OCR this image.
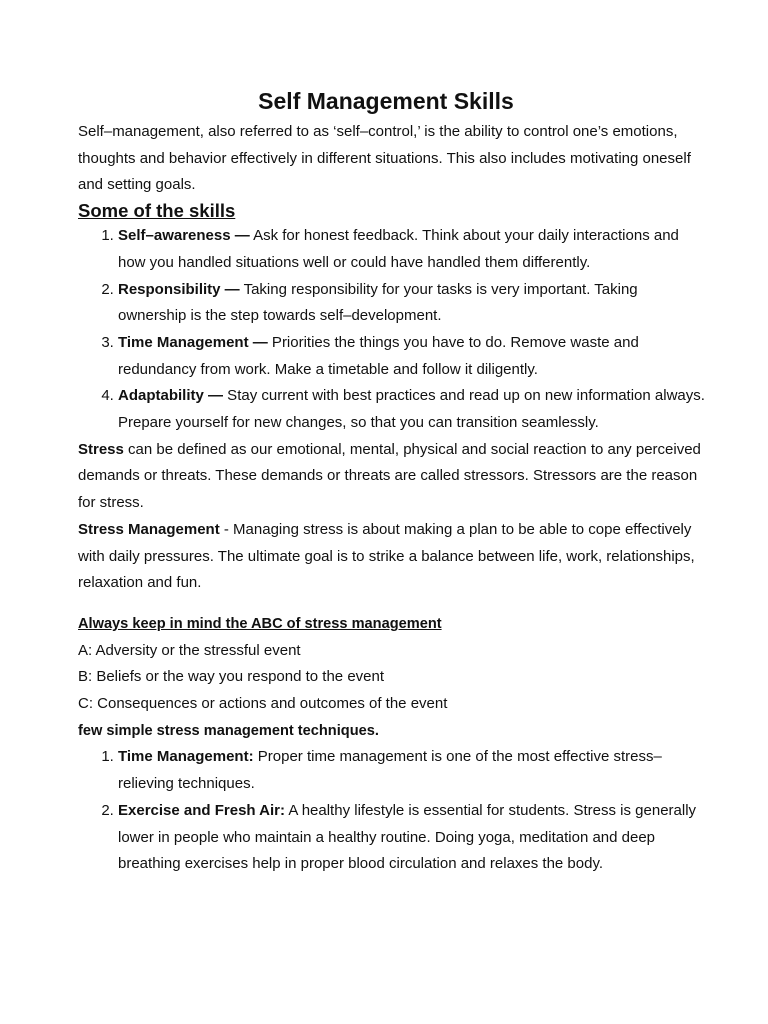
Self Management Skills

Self–management, also referred to as ‘self–control,’ is the ability to control one’s emotions, thoughts and behavior effectively in different situations. This also includes motivating oneself and setting goals.

Some of the skills
1. Self–awareness — Ask for honest feedback. Think about your daily interactions and how you handled situations well or could have handled them differently.
2. Responsibility — Taking responsibility for your tasks is very important. Taking ownership is the step towards self–development.
3. Time Management — Priorities the things you have to do. Remove waste and redundancy from work. Make a timetable and follow it diligently.
4. Adaptability — Stay current with best practices and read up on new information always. Prepare yourself for new changes, so that you can transition seamlessly.

Stress can be defined as our emotional, mental, physical and social reaction to any perceived demands or threats. These demands or threats are called stressors. Stressors are the reason for stress.

Stress Management - Managing stress is about making a plan to be able to cope effectively with daily pressures. The ultimate goal is to strike a balance between life, work, relationships, relaxation and fun.

Always keep in mind the ABC of stress management

A: Adversity or the stressful event

B: Beliefs or the way you respond to the event

C: Consequences or actions and outcomes of the event

few simple stress management techniques.

1. Time Management: Proper time management is one of the most effective stress–relieving techniques.
2. Exercise and Fresh Air: A healthy lifestyle is essential for students. Stress is generally lower in people who maintain a healthy routine. Doing yoga, meditation and deep breathing exercises help in proper blood circulation and relaxes the body.
